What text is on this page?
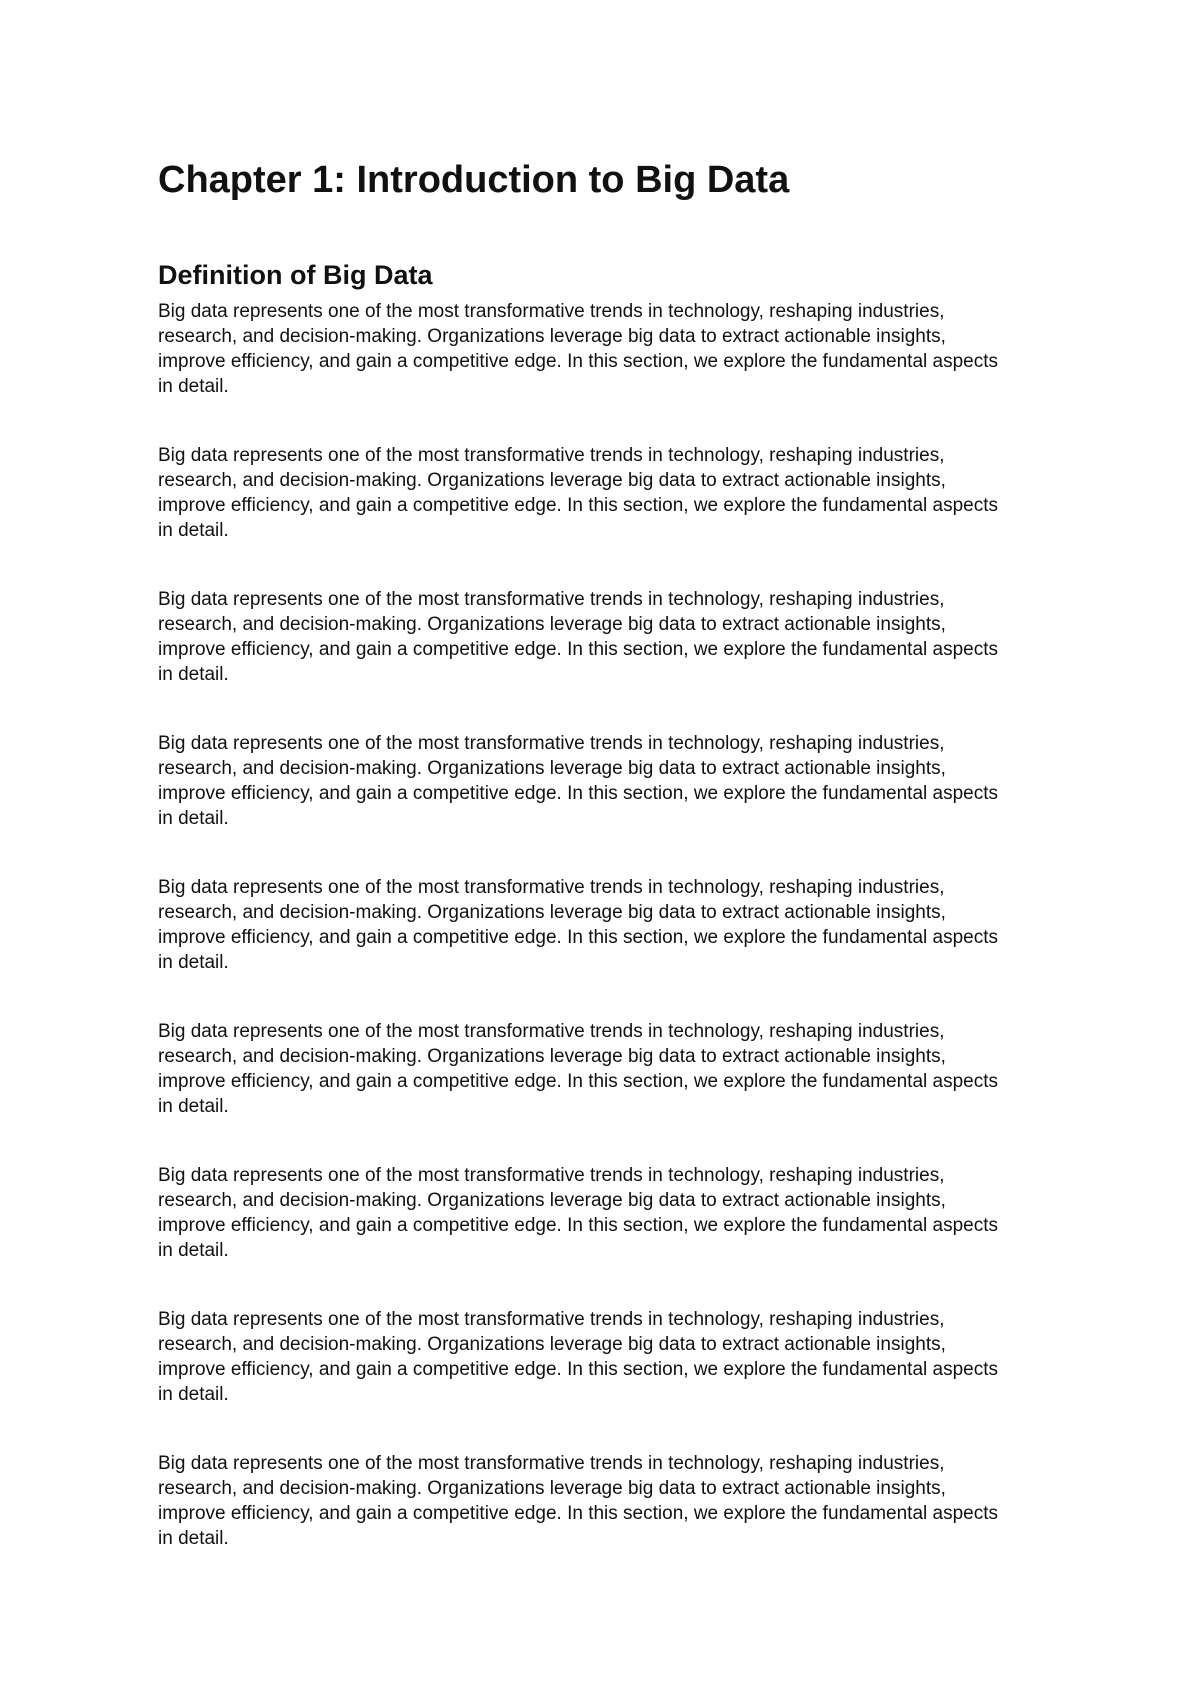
Chapter 1: Introduction to Big Data
Definition of Big Data

Big data represents one of the most transformative trends in technology, reshaping industries, research, and decision-making. Organizations leverage big data to extract actionable insights, improve efficiency, and gain a competitive edge. In this section, we explore the fundamental aspects in detail.

Big data represents one of the most transformative trends in technology, reshaping industries, research, and decision-making. Organizations leverage big data to extract actionable insights, improve efficiency, and gain a competitive edge. In this section, we explore the fundamental aspects in detail.

Big data represents one of the most transformative trends in technology, reshaping industries, research, and decision-making. Organizations leverage big data to extract actionable insights, improve efficiency, and gain a competitive edge. In this section, we explore the fundamental aspects in detail.

Big data represents one of the most transformative trends in technology, reshaping industries, research, and decision-making. Organizations leverage big data to extract actionable insights, improve efficiency, and gain a competitive edge. In this section, we explore the fundamental aspects in detail.

Big data represents one of the most transformative trends in technology, reshaping industries, research, and decision-making. Organizations leverage big data to extract actionable insights, improve efficiency, and gain a competitive edge. In this section, we explore the fundamental aspects in detail.

Big data represents one of the most transformative trends in technology, reshaping industries, research, and decision-making. Organizations leverage big data to extract actionable insights, improve efficiency, and gain a competitive edge. In this section, we explore the fundamental aspects in detail.

Big data represents one of the most transformative trends in technology, reshaping industries, research, and decision-making. Organizations leverage big data to extract actionable insights, improve efficiency, and gain a competitive edge. In this section, we explore the fundamental aspects in detail.

Big data represents one of the most transformative trends in technology, reshaping industries, research, and decision-making. Organizations leverage big data to extract actionable insights, improve efficiency, and gain a competitive edge. In this section, we explore the fundamental aspects in detail.

Big data represents one of the most transformative trends in technology, reshaping industries, research, and decision-making. Organizations leverage big data to extract actionable insights, improve efficiency, and gain a competitive edge. In this section, we explore the fundamental aspects in detail.
